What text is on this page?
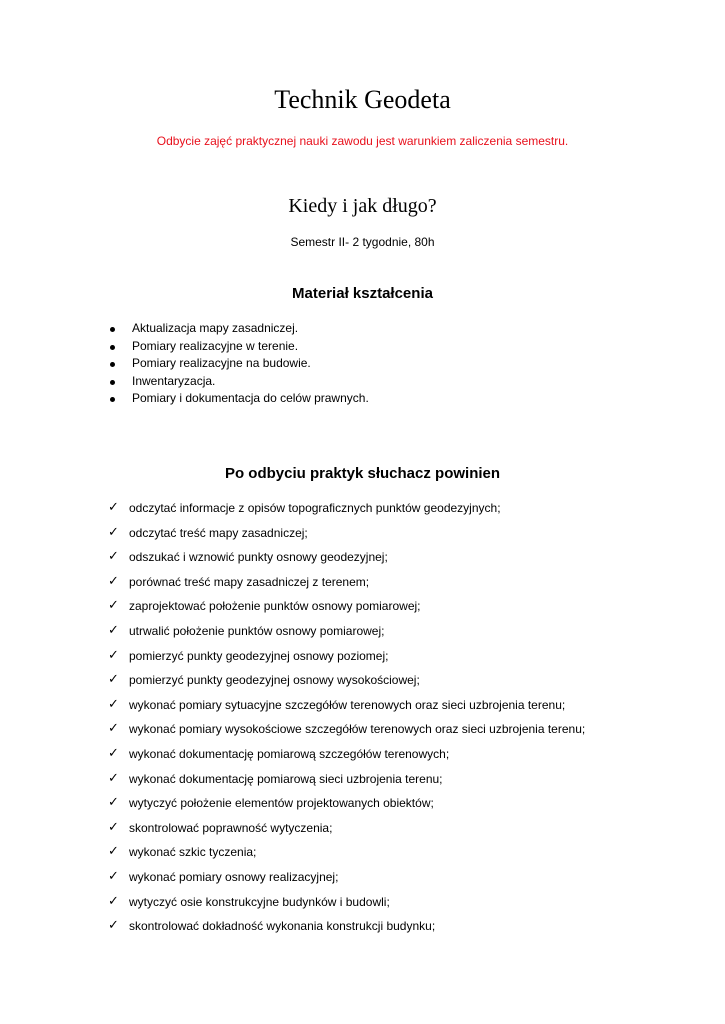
Technik Geodeta
Odbycie zajęć praktycznej nauki zawodu jest warunkiem zaliczenia semestru.
Kiedy i jak długo?
Semestr II- 2 tygodnie, 80h
Materiał kształcenia
Aktualizacja mapy zasadniczej.
Pomiary realizacyjne w terenie.
Pomiary realizacyjne na budowie.
Inwentaryzacja.
Pomiary i dokumentacja do celów prawnych.
Po odbyciu praktyk słuchacz powinien
✓ odczytać informacje z opisów topograficznych punktów geodezyjnych;
✓ odczytać treść mapy zasadniczej;
✓ odszukać i wznowić punkty osnowy geodezyjnej;
✓ porównać treść mapy zasadniczej z terenem;
✓ zaprojektować położenie punktów osnowy pomiarowej;
✓ utrwalić położenie punktów osnowy pomiarowej;
✓ pomierzyć punkty geodezyjnej osnowy poziomej;
✓ pomierzyć punkty geodezyjnej osnowy wysokościowej;
✓ wykonać pomiary sytuacyjne szczegółów terenowych oraz sieci uzbrojenia terenu;
✓ wykonać pomiary wysokościowe szczegółów terenowych oraz sieci uzbrojenia terenu;
✓ wykonać dokumentację pomiarową szczegółów terenowych;
✓ wykonać dokumentację pomiarową sieci uzbrojenia terenu;
✓ wytyczyć położenie elementów projektowanych obiektów;
✓ skontrolować poprawność wytyczenia;
✓ wykonać szkic tyczenia;
✓ wykonać pomiary osnowy realizacyjnej;
✓ wytyczyć osie konstrukcyjne budynków i budowli;
✓ skontrolować dokładność wykonania konstrukcji budynku;
